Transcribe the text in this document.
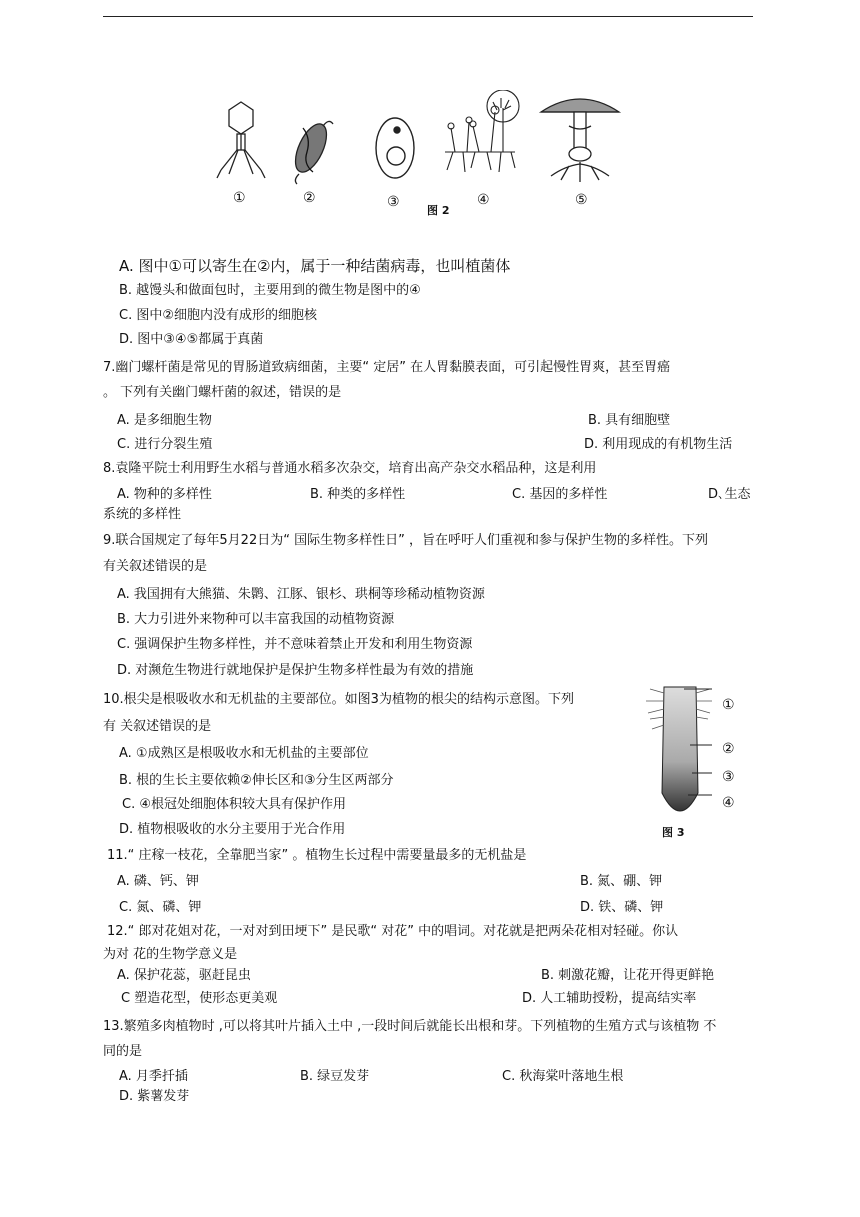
①	②	③	④	⑤
图 2
A. 图中①可以寄生在②内，属于一种结菌病毒，也叫植菌体
B. 越馒头和做面包时，主要用到的微生物是图中的④
C. 图中②细胞内没有成形的细胞核
D. 图中③④⑤都属于真菌
7.幽门螺杆菌是常见的胃肠道致病细菌，主要“ 定居” 在人胃黏膜表面，可引起慢性胃爽，甚至胃癌
。 下列有关幽门螺杆菌的叙述，错误的是
A. 是多细胞生物	B. 具有细胞壁
C. 进行分裂生殖	D. 利用现成的有机物生活
8.袁隆平院士利用野生水稻与普通水稻多次杂交，培育出高产杂交水稻品种，这是利用
A. 物种的多样性	B. 种类的多样性	C. 基因的多样性	D､生态
系统的多样性
9.联合国规定了每年5月22日为“ 国际生物多样性日” ，旨在呼吁人们重视和参与保护生物的多样性。下列
有关叙述错误的是
A. 我国拥有大熊猫、朱鹮、江豚、银杉、珙桐等珍稀动植物资源
B. 大力引进外来物种可以丰富我国的动植物资源
C. 强调保护生物多样性，并不意味着禁止开发和利用生物资源
D. 对濒危生物进行就地保护是保护生物多样性最为有效的措施
10.根尖是根吸收水和无机盐的主要部位。如图3为植物的根尖的结构示意图。下列
有 关叙述错误的是
A. ①成熟区是根吸收水和无机盐的主要部位
B. 根的生长主要依赖②伸长区和③分生区两部分
C. ④根冠处细胞体积较大具有保护作用
D. 植物根吸收的水分主要用于光合作用
①
②
③
④
图 3
11.“ 庄稼一枝花，全靠肥当家” 。植物生长过程中需要量最多的无机盐是
A. 磷、钙、钾	B. 氮、硼、钾
C. 氮、磷、钾	D. 铁、磷、钾
12.“ 郎对花姐对花，一对对到田埂下” 是民歌“ 对花” 中的唱词。对花就是把两朵花相对轻碰。你认
为对 花的生物学意义是
A. 保护花蕊，驱赶昆虫	B. 刺激花瓣，让花开得更鲜艳
C 塑造花型，使形态更美观	D. 人工辅助授粉，提高结实率
13.繁殖多肉植物时 ,可以将其叶片插入土中 ,一段时间后就能长出根和芽。下列植物的生殖方式与该植物 不
同的是
A. 月季扦插	B. 绿豆发芽	C. 秋海棠叶落地生根
D. 紫薯发芽
